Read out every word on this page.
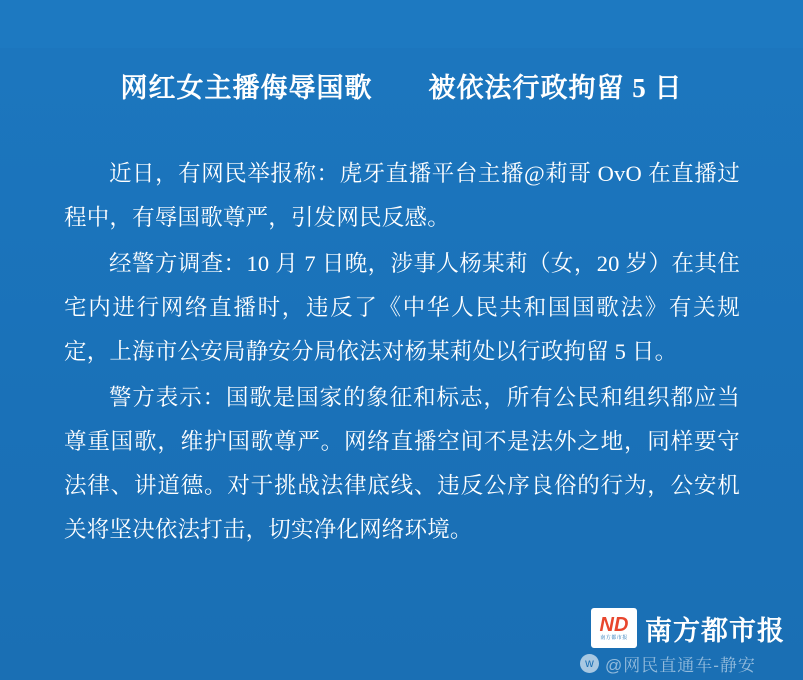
网红女主播侮辱国歌　　被依法行政拘留 5 日

近日，有网民举报称：虎牙直播平台主播@莉哥 OvO 在直播过程中，有辱国歌尊严，引发网民反感。

经警方调查：10 月 7 日晚，涉事人杨某莉（女，20 岁）在其住宅内进行网络直播时，违反了《中华人民共和国国歌法》有关规定，上海市公安局静安分局依法对杨某莉处以行政拘留 5 日。

警方表示：国歌是国家的象征和标志，所有公民和组织都应当尊重国歌，维护国歌尊严。网络直播空间不是法外之地，同样要守法律、讲道德。对于挑战法律底线、违反公序良俗的行为，公安机关将坚决依法打击，切实净化网络环境。

w @网民直通车-静安
ND
南方都市报 南方都市报
